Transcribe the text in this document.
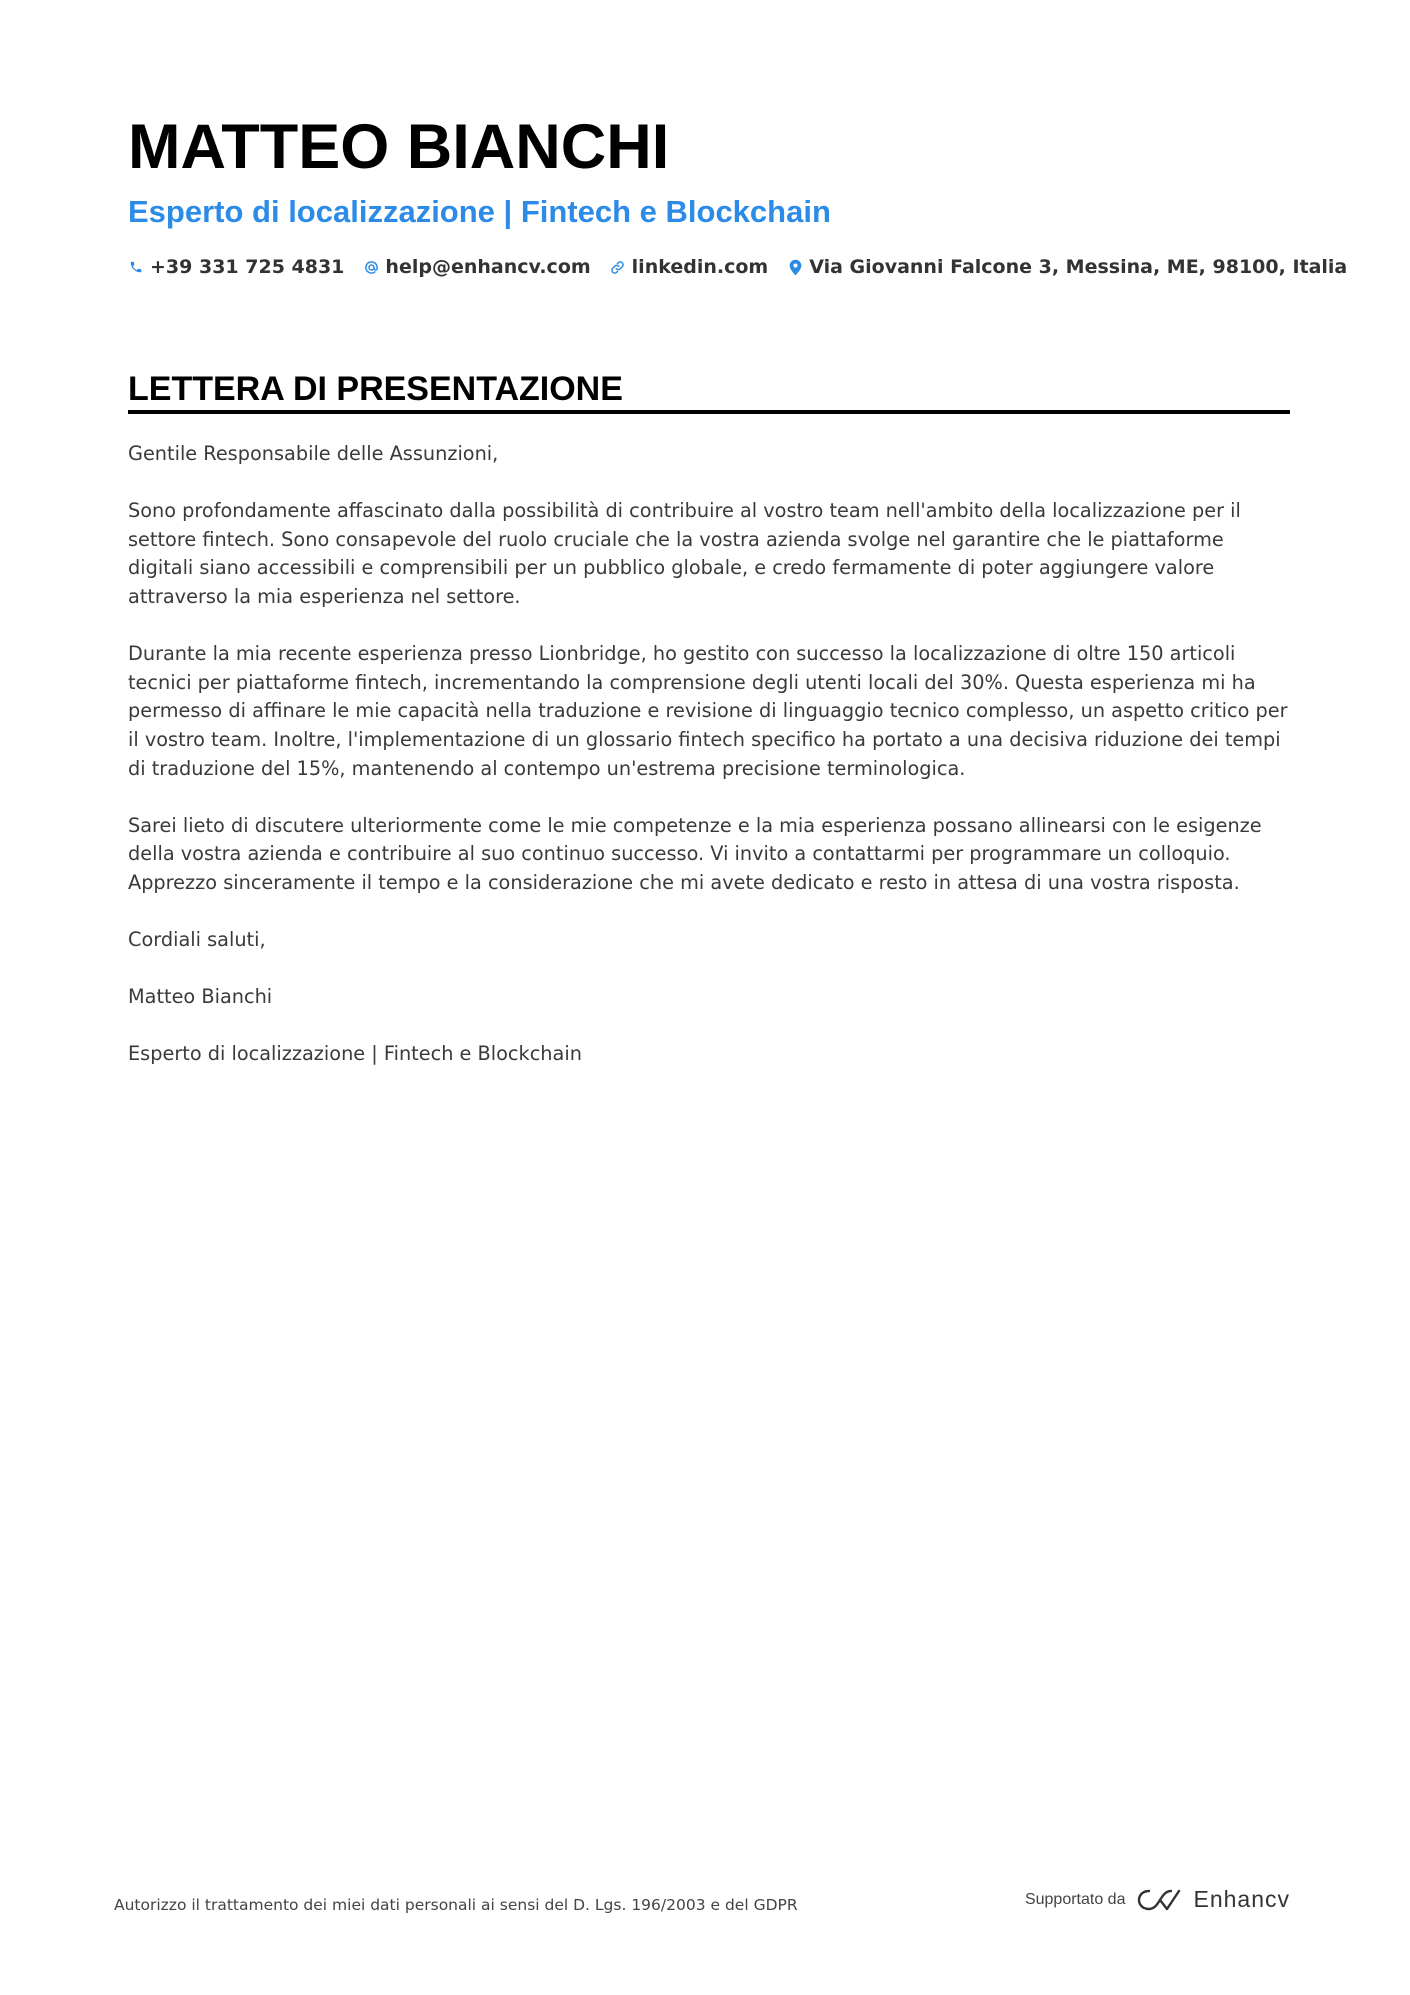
MATTEO BIANCHI
Esperto di localizzazione | Fintech e Blockchain
+39 331 725 4831 help@enhancv.com linkedin.com Via Giovanni Falcone 3, Messina, ME, 98100, Italia
LETTERA DI PRESENTAZIONE

Gentile Responsabile delle Assunzioni,

Sono profondamente affascinato dalla possibilità di contribuire al vostro team nell'ambito della localizzazione per il settore fintech. Sono consapevole del ruolo cruciale che la vostra azienda svolge nel garantire che le piattaforme digitali siano accessibili e comprensibili per un pubblico globale, e credo fermamente di poter aggiungere valore attraverso la mia esperienza nel settore.

Durante la mia recente esperienza presso Lionbridge, ho gestito con successo la localizzazione di oltre 150 articoli tecnici per piattaforme fintech, incrementando la comprensione degli utenti locali del 30%. Questa esperienza mi ha permesso di affinare le mie capacità nella traduzione e revisione di linguaggio tecnico complesso, un aspetto critico per il vostro team. Inoltre, l'implementazione di un glossario fintech specifico ha portato a una decisiva riduzione dei tempi di traduzione del 15%, mantenendo al contempo un'estrema precisione terminologica.

Sarei lieto di discutere ulteriormente come le mie competenze e la mia esperienza possano allinearsi con le esigenze della vostra azienda e contribuire al suo continuo successo. Vi invito a contattarmi per programmare un colloquio. Apprezzo sinceramente il tempo e la considerazione che mi avete dedicato e resto in attesa di una vostra risposta.

Cordiali saluti,

Matteo Bianchi

Esperto di localizzazione | Fintech e Blockchain

Autorizzo il trattamento dei miei dati personali ai sensi del D. Lgs. 196/2003 e del GDPR	Supportato da	Enhancv
